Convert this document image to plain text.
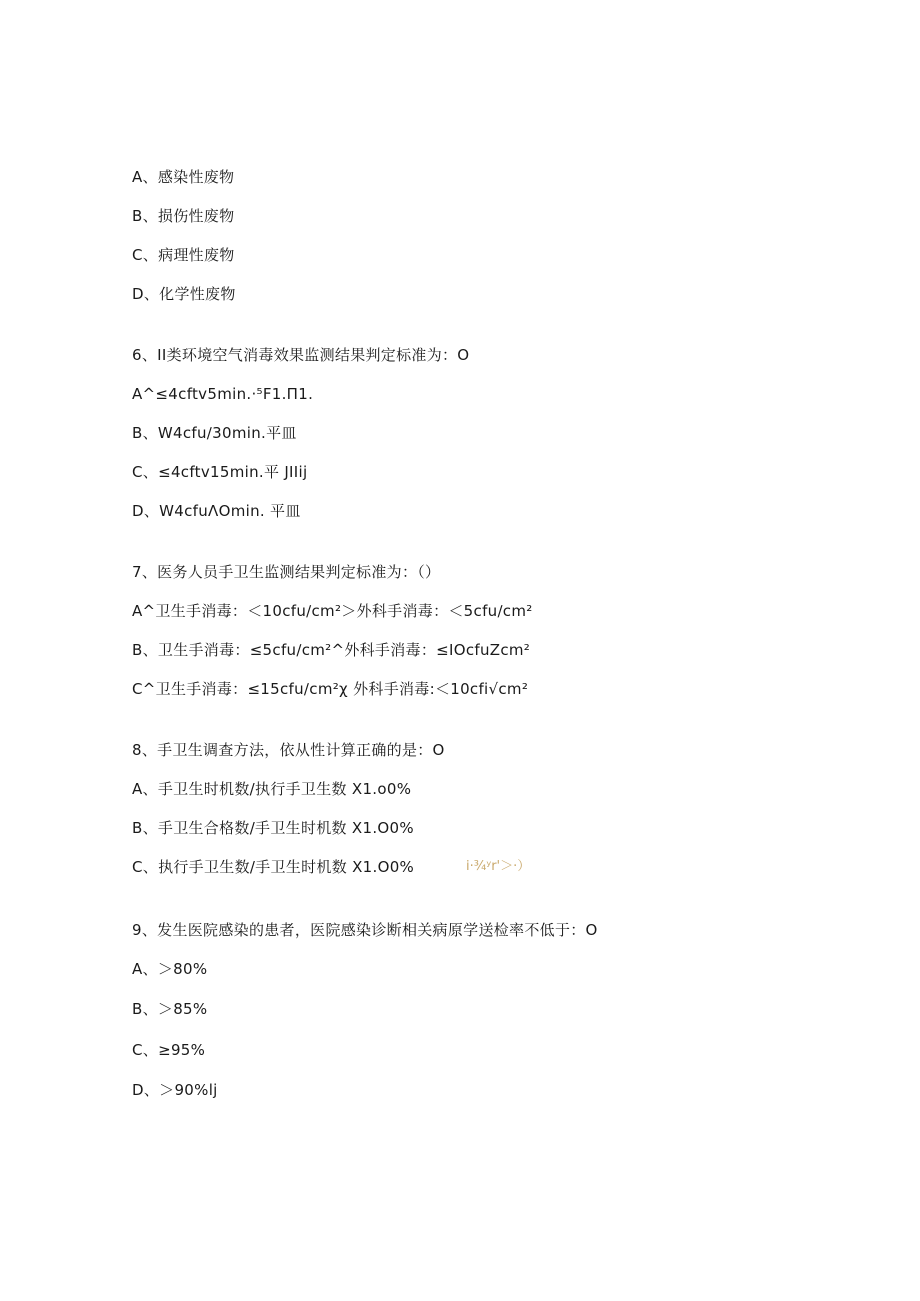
A、感染性废物
B、损伤性废物
C、病理性废物
D、化学性废物
6、II类环境空气消毒效果监测结果判定标准为：O
A^≤4cftv5min.·⁵F1.П1.
B、W4cfu∕30min.平皿
C、≤4cftv15min.平 JIIij
D、W4cfuΛOmin. 平皿
7、医务人员手卫生监测结果判定标准为：（）
A^卫生手消毒：＜10cfu∕cm²＞外科手消毒：＜5cfu∕cm²
B、卫生手消毒：≤5cfu∕cm²^外科手消毒：≤IOcfuZcm²
C^卫生手消毒：≤15cfu∕cm²χ 外科手消毒:＜10cfi√cm²
8、手卫生调查方法，依从性计算正确的是：O
A、手卫生时机数/执行手卫生数 X1.o0%
B、手卫生合格数/手卫生时机数 X1.O0%
C、执行手卫生数/手卫生时机数 X1.O0%	i·¾ʸr'＞·）
9、发生医院感染的患者，医院感染诊断相关病原学送检率不低于：O
A、＞80%
B、＞85%
C、≥95%
D、＞90%lj
